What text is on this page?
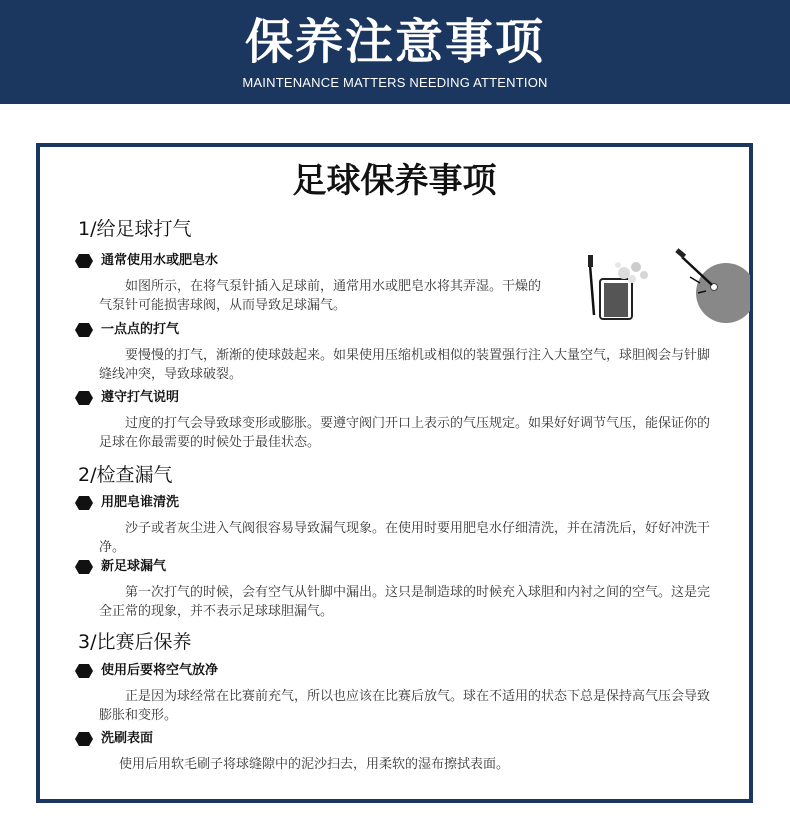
保养注意事项
MAINTENANCE MATTERS NEEDING ATTENTION
足球保养事项
1/给足球打气
通常使用水或肥皂水
如图所示，在将气泵针插入足球前，通常用水或肥皂水将其弄湿。干燥的气泵针可能损害球阀，从而导致足球漏气。
一点点的打气
要慢慢的打气，渐渐的使球鼓起来。如果使用压缩机或相似的装置强行注入大量空气，球胆阀会与针脚缝线冲突，导致球破裂。
遵守打气说明
过度的打气会导致球变形或膨胀。要遵守阀门开口上表示的气压规定。如果好好调节气压，能保证你的足球在你最需要的时候处于最佳状态。
2/检查漏气
用肥皂谁清洗
沙子或者灰尘进入气阀很容易导致漏气现象。在使用时要用肥皂水仔细清洗，并在清洗后，好好冲洗干净。
新足球漏气
第一次打气的时候，会有空气从针脚中漏出。这只是制造球的时候充入球胆和内衬之间的空气。这是完全正常的现象，并不表示足球球胆漏气。
3/比赛后保养
使用后要将空气放净
正是因为球经常在比赛前充气，所以也应该在比赛后放气。球在不适用的状态下总是保持高气压会导致膨胀和变形。
洗刷表面
使用后用软毛刷子将球缝隙中的泥沙扫去，用柔软的湿布擦拭表面。
